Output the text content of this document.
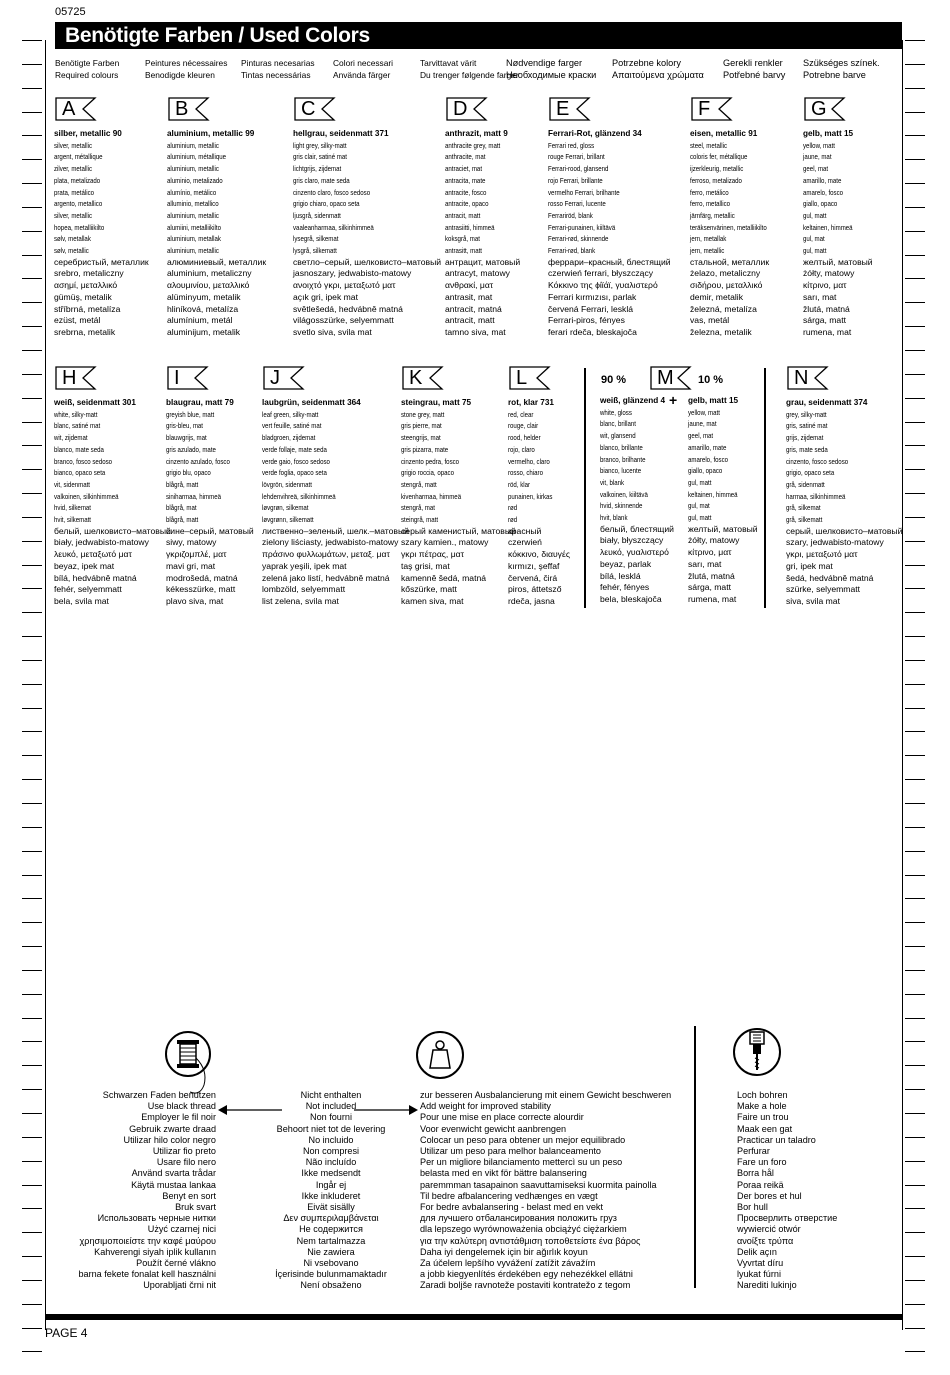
05725
Benötigte Farben / Used Colors
Benötigte Farben
Required colours
Peintures nécessaires
Benodigde kleuren
Pinturas necesarias
Tintas necessárias
Colori necessari
Använda färger
Tarvittavat värit
Du trenger følgende farger
Nødvendige farger
Необходимые краски
Potrzebne kolory
Απαιτούμενα χρώματα
Gerekli renkler
Potřebné barvy
Szükséges színek.
Potrebne barve
A
silber, metallic 90
silver, metallic
argent, métallique
zilver, metallic
plata, metalizado
prata, metálico
argento, metallico
silver, metallic
hopea, metalliikilto
sølv, metallak
sølv, metallic
серебристый, металлик
srebro, metaliczny
ασημί, μεταλλικό
gümüş, metalik
stříbrná, metalíza
ezüst, metál
srebrna, metalik
B
aluminium, metallic 99
aluminium, metallic
aluminium, métallique
aluminium, metallic
aluminio, metalizado
alumínio, metálico
alluminio, metallico
aluminium, metallic
alumiini, metalliikilto
aluminium, metallak
aluminium, metallic
алюминиевый, металлик
aluminium, metaliczny
αλουμινίου, μεταλλικό
alüminyum, metalik
hliníková, metalíza
alumínium, metál
aluminijum, metalik
C
hellgrau, seidenmatt 371
light grey, silky-matt
gris clair, satiné mat
lichtgrijs, zijdemat
gris claro, mate seda
cinzento claro, fosco sedoso
grigio chiaro, opaco seta
ljusgrå, sidenmatt
vaaleanharmaa, silkinhimmeä
lysegrå, silkemat
lysgrå, silkematt
светло–серый, шелковисто–матовый
jasnoszary, jedwabisto-matowy
ανοιχτό γκρι, μεταξωτό ματ
açık gri, ipek mat
světlešedá, hedvábně matná
világosszürke, selyemmatt
svetlo siva, svila mat
D
anthrazit, matt 9
anthracite grey, matt
anthracite, mat
antraciet, mat
antracita, mate
antracite, fosco
antracite, opaco
antracit, matt
antrasiitti, himmeä
koksgrå, mat
antrasitt, matt
антрацит, матовый
antracyt, matowy
ανθρακί, ματ
antrasit, mat
antracit, matná
antracit, matt
tamno siva, mat
E
Ferrari-Rot, glänzend 34
Ferrari red, gloss
rouge Ferrari, brillant
Ferrari-rood, glansend
rojo Ferrari, brillante
vermelho Ferrari, brilhante
rosso Ferrari, lucente
Ferrariröd, blank
Ferrari-punainen, kiiltävä
Ferrari-rød, skinnende
Ferrari-rød, blank
феррари–красный, блестящий
czerwień ferrari, błyszczący
Κόκκινο της ϕίϊάϊ, γυαλιστερό
Ferrari kırmızısı, parlak
červená Ferrari, lesklá
Ferrari-piros, fényes
ferari rdeča, bleskajoča
F
eisen, metallic 91
steel, metallic
coloris fer, métallique
ijzerkleurig, metallic
ferroso, metalizado
ferro, metálico
ferro, metallico
järnfärg, metallic
teräksenvärinen, metalliikilto
jern, metallak
jern, metallic
стальной, металлик
żelazo, metaliczny
σιδήρου, μεταλλικό
demir, metalik
železná, metalíza
vas, metál
železna, metalik
G
gelb, matt 15
yellow, matt
jaune, mat
geel, mat
amarillo, mate
amarelo, fosco
giallo, opaco
gul, matt
keltainen, himmeä
gul, mat
gul, matt
желтый, матовый
żółty, matowy
κίτρινο, ματ
sarı, mat
žlutá, matná
sárga, matt
rumena, mat
H
weiß, seidenmatt 301
white, silky-matt
blanc, satiné mat
wit, zijdemat
blanco, mate seda
branco, fosco sedoso
bianco, opaco seta
vit, sidenmatt
valkoinen, silkinhimmeä
hvid, silkemat
hvit, silkematt
белый, шелковисто–матовый
biały, jedwabisto-matowy
λευκό, μεταξωτό ματ
beyaz, ipek mat
bílá, hedvábně matná
fehér, selyemmatt
bela, svila mat
I
blaugrau, matt 79
greyish blue, matt
gris-bleu, mat
blauwgrijs, mat
gris azulado, mate
cinzento azulado, fosco
grigio blu, opaco
blågrå, matt
siniharmaa, himmeä
blågrå, mat
blågrå, matt
сине–серый, матовый
siwy, matowy
γκριζομπλέ, ματ
mavi gri, mat
modrošedá, matná
kékesszürke, matt
plavo siva, mat
J
laubgrün, seidenmatt 364
leaf green, silky-matt
vert feuille, satiné mat
bladgroen, zijdemat
verde follaje, mate seda
verde gaio, fosco sedoso
verde foglia, opaco seta
lövgrön, sidenmatt
lehdenvihreä, silkinhimmeä
løvgrøn, silkemat
løvgrønn, silkematt
лиственно–зеленый, шелк.–матовый
zielony liściasty, jedwabisto-matowy
πράσινο φυλλωμάτων, μεταξ. ματ
yaprak yeşili, ipek mat
zelená jako listí, hedvábně matná
lombzöld, selyemmatt
list zelena, svila mat
K
steingrau, matt 75
stone grey, matt
gris pierre, mat
steengrijs, mat
gris pizarra, mate
cinzento pedra, fosco
grigio roccia, opaco
stengrå, matt
kivenharmaa, himmeä
stengrå, mat
steingrå, matt
серый каменистый, матовый
szary kamien., matowy
γκρι πέτρας, ματ
taş grisi, mat
kamenně šedá, matná
kőszürke, matt
kamen siva, mat
L
rot, klar 731
red, clear
rouge, clair
rood, helder
rojo, claro
vermelho, claro
rosso, chiaro
röd, klar
punainen, kirkas
rød
rød
красный
czerwień
κόκκινο, διαυγές
kırmızı, şeffaf
červená, čirá
piros, áttetsző
rdeča, jasna
90 %	10 %
M
+
weiß, glänzend 4
white, gloss
blanc, brillant
wit, glansend
blanco, brillante
branco, brilhante
bianco, lucente
vit, blank
valkoinen, kiiltävä
hvid, skinnende
hvit, blank
белый, блестящий
biały, błyszczący
λευκό, γυαλιστερό
beyaz, parlak
bílá, lesklá
fehér, fényes
bela, bleskajoča
gelb, matt 15
yellow, matt
jaune, mat
geel, mat
amarillo, mate
amarelo, fosco
giallo, opaco
gul, matt
keltainen, himmeä
gul, mat
gul, matt
желтый, матовый
żółty, matowy
κίτρινο, ματ
sarı, mat
žlutá, matná
sárga, matt
rumena, mat
N
grau, seidenmatt 374
grey, silky-matt
gris, satiné mat
grijs, zijdemat
gris, mate seda
cinzento, fosco sedoso
grigio, opaco seta
grå, sidenmatt
harmaa, silkinhimmeä
grå, silkemat
grå, silkematt
серый, шелковисто–матовый
szary, jedwabisto-matowy
γκρι, μεταξωτό ματ
gri, ipek mat
šedá, hedvábně matná
szürke, selyemmatt
siva, svila mat
Schwarzen Faden benutzen
Use black thread
Employer le fil noir
Gebruik zwarte draad
Utilizar hilo color negro
Utilizar fio preto
Usare filo nero
Använd svarta trådar
Käytä mustaa lankaa
Benyt en sort
Bruk svart
Использовать черные нитки
Użyć czarnej nici
χρησιμοποιείστε την καφέ μαύρου
Kahverengi siyah iplik kullanın
Použít černé vlákno
barna fekete fonalat kell használni
Uporabljati črni nit
Nicht enthalten
Not included
Non fourni
Behoort niet tot de levering
No incluido
Non compresi
Não incluído
Ikke medsendt
Ingår ej
Ikke inkluderet
Eivät sisälly
Δεν συμπεριλαμβάνεται
Не содержится
Nem tartalmazza
Nie zawiera
Ni vsebovano
İçerisinde bulunmamaktadır
Není obsaženo
zur besseren Ausbalancierung mit einem Gewicht beschweren
Add weight for improved stability
Pour une mise en place correcte alourdir
Voor evenwicht gewicht aanbrengen
Colocar un peso para obtener un mejor equilibrado
Utilizar um peso para melhor balanceamento
Per un migliore bilanciamento mettercì su un peso
belasta med en vikt för bättre balansering
paremmman tasapainon saavuttamiseksi kuormita painolla
Til bedre afbalancering vedhænges en vægt
For bedre avbalansering - belast med en vekt
для лучшего отбалансирования положить груз
dla lepszego wyrównoważenia obciążyć ciężarkiem
για την καλύτερη αντιστάθμιση τοποθετείστε ένα βάρος
Daha iyi dengelemek için bir ağırlık koyun
Za účelem lepšího vyvážení zatížit závažím
a jobb kiegyenlítés érdekében egy nehezékkel ellátni
Zaradi boljše ravnoteže postaviti kontratežo z tegom
Loch bohren
Make a hole
Faire un trou
Maak een gat
Practicar un taladro
Perfurar
Fare un foro
Borra hål
Poraa reikä
Der bores et hul
Bor hull
Просверлить отверстие
wywiercić otwór
ανοίξτε τρύπα
Delik açın
Vyvrtat díru
lyukat fúrni
Narediti lukinjo
PAGE 4
